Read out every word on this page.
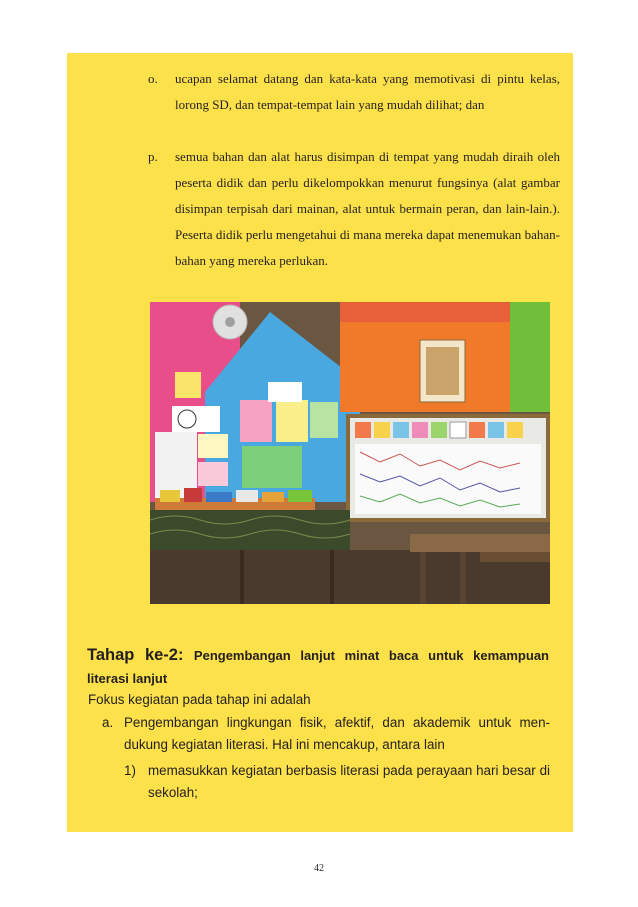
o. ucapan selamat datang dan kata-kata yang memotivasi di pintu kelas, lorong SD, dan tempat-tempat lain yang mudah dilihat; dan
p. semua bahan dan alat harus disimpan di tempat yang mudah diraih oleh peserta didik dan perlu dikelompokkan menurut fungsinya (alat gambar disimpan terpisah dari mainan, alat untuk bermain peran, dan lain-lain.). Peserta didik perlu mengetahui di mana mereka dapat menemukan bahan-bahan yang mereka perlukan.
Tahap ke-2: Pengembangan lanjut minat baca untuk kemampuan literasi lanjut
Fokus kegiatan pada tahap ini adalah
a. Pengembangan lingkungan fisik, afektif, dan akademik untuk men- dukung kegiatan literasi. Hal ini mencakup, antara lain
1) memasukkan kegiatan berbasis literasi pada perayaan hari besar di sekolah;
42
